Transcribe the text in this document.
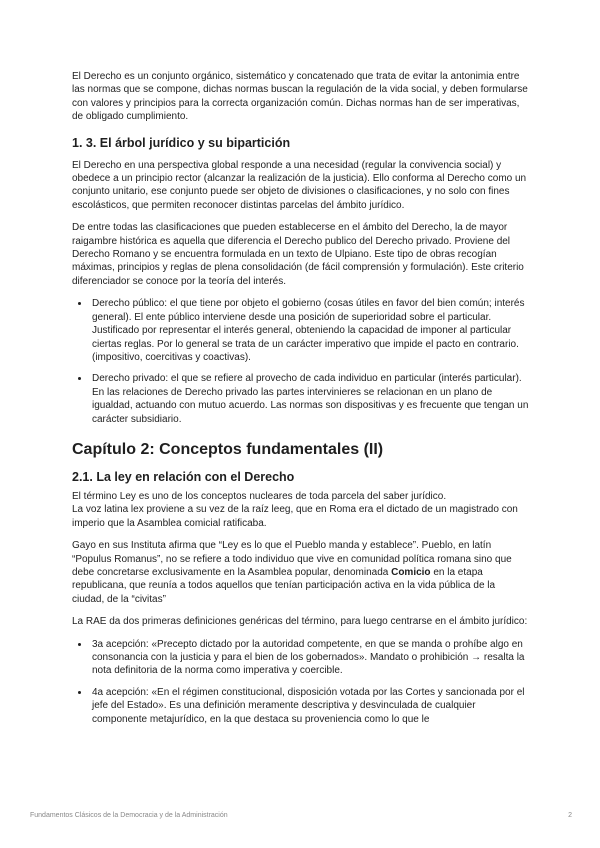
El Derecho es un conjunto orgánico, sistemático y concatenado que trata de evitar la antonimia entre las normas que se compone, dichas normas buscan la regulación de la vida social, y deben formularse con valores y principios para la correcta organización común. Dichas normas han de ser imperativas, de obligado cumplimiento.

1. 3. El árbol jurídico y su bipartición

El Derecho en una perspectiva global responde a una necesidad (regular la convivencia social) y obedece a un principio rector (alcanzar la realización de la justicia). Ello conforma al Derecho como un conjunto unitario, ese conjunto puede ser objeto de divisiones o clasificaciones, y no solo con fines escolásticos, que permiten reconocer distintas parcelas del ámbito jurídico.

De entre todas las clasificaciones que pueden establecerse en el ámbito del Derecho, la de mayor raigambre histórica es aquella que diferencia el Derecho publico del Derecho privado. Proviene del Derecho Romano y se encuentra formulada en un texto de Ulpiano. Este tipo de obras recogían máximas, principios y reglas de plena consolidación (de fácil comprensión y formulación). Este criterio diferenciador se conoce por la teoría del interés.

• Derecho público: el que tiene por objeto el gobierno (cosas útiles en favor del bien común; interés general). El ente público interviene desde una posición de superioridad sobre el particular. Justificado por representar el interés general, obteniendo la capacidad de imponer al particular ciertas reglas. Por lo general se trata de un carácter imperativo que impide el pacto en contrario. (impositivo, coercitivas y coactivas).
• Derecho privado: el que se refiere al provecho de cada individuo en particular (interés particular). En las relaciones de Derecho privado las partes intervinieres se relacionan en un plano de igualdad, actuando con mutuo acuerdo. Las normas son dispositivas y es frecuente que tengan un carácter subsidiario.
Capítulo 2: Conceptos fundamentales (II)
2.1. La ley en relación con el Derecho

El término Ley es uno de los conceptos nucleares de toda parcela del saber jurídico.
La voz latina lex proviene a su vez de la raíz leeg, que en Roma era el dictado de un magistrado con imperio que la Asamblea comicial ratificaba.

Gayo en sus Instituta afirma que “Ley es lo que el Pueblo manda y establece”. Pueblo, en latín “Populus Romanus”, no se refiere a todo individuo que vive en comunidad política romana sino que debe concretarse exclusivamente en la Asamblea popular, denominada Comicio en la etapa republicana, que reunía a todos aquellos que tenían participación activa en la vida pública de la ciudad, de la “civitas”

La RAE da dos primeras definiciones genéricas del término, para luego centrarse en el ámbito jurídico:

• 3a acepción: «Precepto dictado por la autoridad competente, en que se manda o prohíbe algo en consonancia con la justicia y para el bien de los gobernados». Mandato o prohibición → resalta la nota definitoria de la norma como imperativa y coercible.
• 4a acepción: «En el régimen constitucional, disposición votada por las Cortes y sancionada por el jefe del Estado». Es una definición meramente descriptiva y desvinculada de cualquier componente metajurídico, en la que destaca su proveniencia como lo que le
Fundamentos Clásicos de la Democracia y de la Administración	2
